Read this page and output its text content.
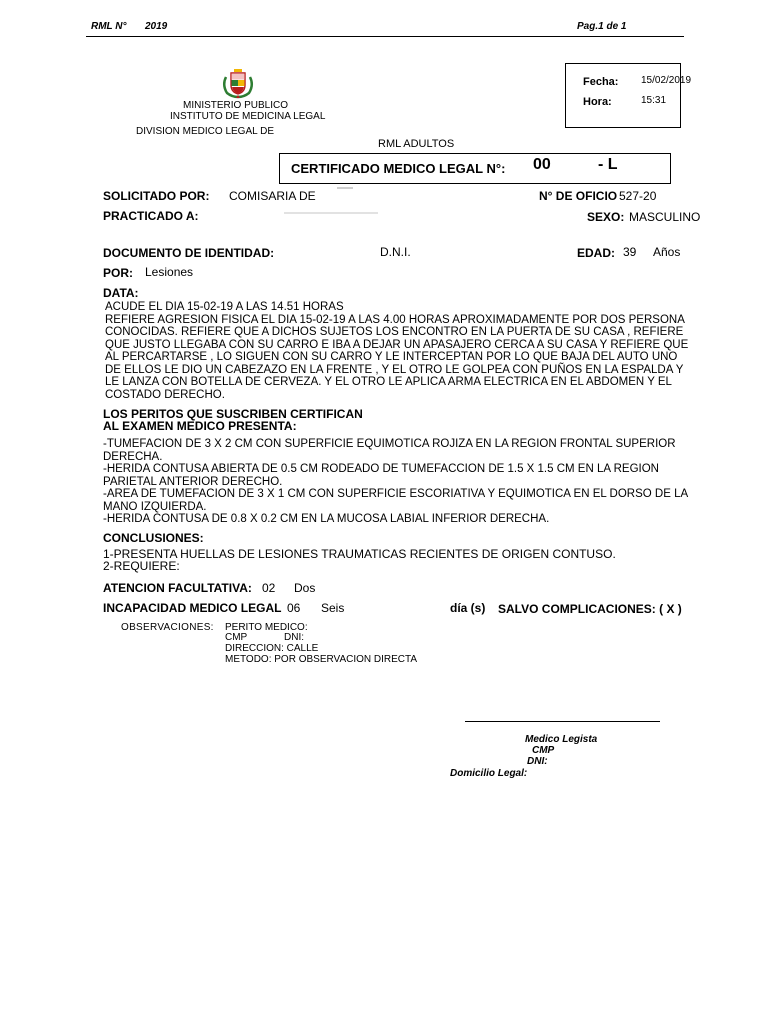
RML N° 2019	Pag.1 de 1
MINISTERIO PUBLICO
INSTITUTO DE MEDICINA LEGAL
DIVISION MEDICO LEGAL DE
RML ADULTOS
Fecha: 15/02/2019
Hora:	15:31
CERTIFICADO MEDICO LEGAL N°: 00	- L
SOLICITADO POR: COMISARIA DE	N° DE OFICIO 527-20
PRACTICADO A:	SEXO: MASCULINO
DOCUMENTO DE IDENTIDAD:	D.N.I.	EDAD: 39 Años
POR: Lesiones
DATA:
ACUDE EL DIA 15-02-19 A LAS 14.51 HORAS
REFIERE AGRESION FISICA EL DIA 15-02-19 A LAS 4.00 HORAS APROXIMADAMENTE POR DOS PERSONA
CONOCIDAS. REFIERE QUE A DICHOS SUJETOS LOS ENCONTRO EN LA PUERTA DE SU CASA , REFIERE
QUE JUSTO LLEGABA CON SU CARRO E IBA A DEJAR UN APASAJERO CERCA A SU CASA Y REFIERE QUE
AL PERCARTARSE , LO SIGUEN CON SU CARRO Y LE INTERCEPTAN POR LO QUE BAJA DEL AUTO UNO
DE ELLOS LE DIO UN CABEZAZO EN LA FRENTE , Y EL OTRO LE GOLPEA CON PUÑOS EN LA ESPALDA Y
LE LANZA CON BOTELLA DE CERVEZA. Y EL OTRO LE APLICA ARMA ELECTRICA EN EL ABDOMEN Y EL
COSTADO DERECHO.
LOS PERITOS QUE SUSCRIBEN CERTIFICAN
AL EXAMEN MEDICO PRESENTA:
-TUMEFACION DE 3 X 2 CM CON SUPERFICIE EQUIMOTICA ROJIZA EN LA REGION FRONTAL SUPERIOR
DERECHA.
-HERIDA CONTUSA ABIERTA DE 0.5 CM RODEADO DE TUMEFACCION DE 1.5 X 1.5 CM EN LA REGION
PARIETAL ANTERIOR DERECHO.
-AREA DE TUMEFACION DE 3 X 1 CM CON SUPERFICIE ESCORIATIVA Y EQUIMOTICA EN EL DORSO DE LA
MANO IZQUIERDA.
-HERIDA CONTUSA DE 0.8 X 0.2 CM EN LA MUCOSA LABIAL INFERIOR DERECHA.
CONCLUSIONES:
1-PRESENTA HUELLAS DE LESIONES TRAUMATICAS RECIENTES DE ORIGEN CONTUSO.
2-REQUIERE:
ATENCION FACULTATIVA: 02 Dos
INCAPACIDAD MEDICO LEGAL 06 Seis	día (s) SALVO COMPLICACIONES: ( X )
OBSERVACIONES: PERITO MEDICO:
CMP	DNI:
DIRECCION: CALLE
METODO: POR OBSERVACION DIRECTA
Medico Legista
CMP
DNI:
Domicilio Legal:
